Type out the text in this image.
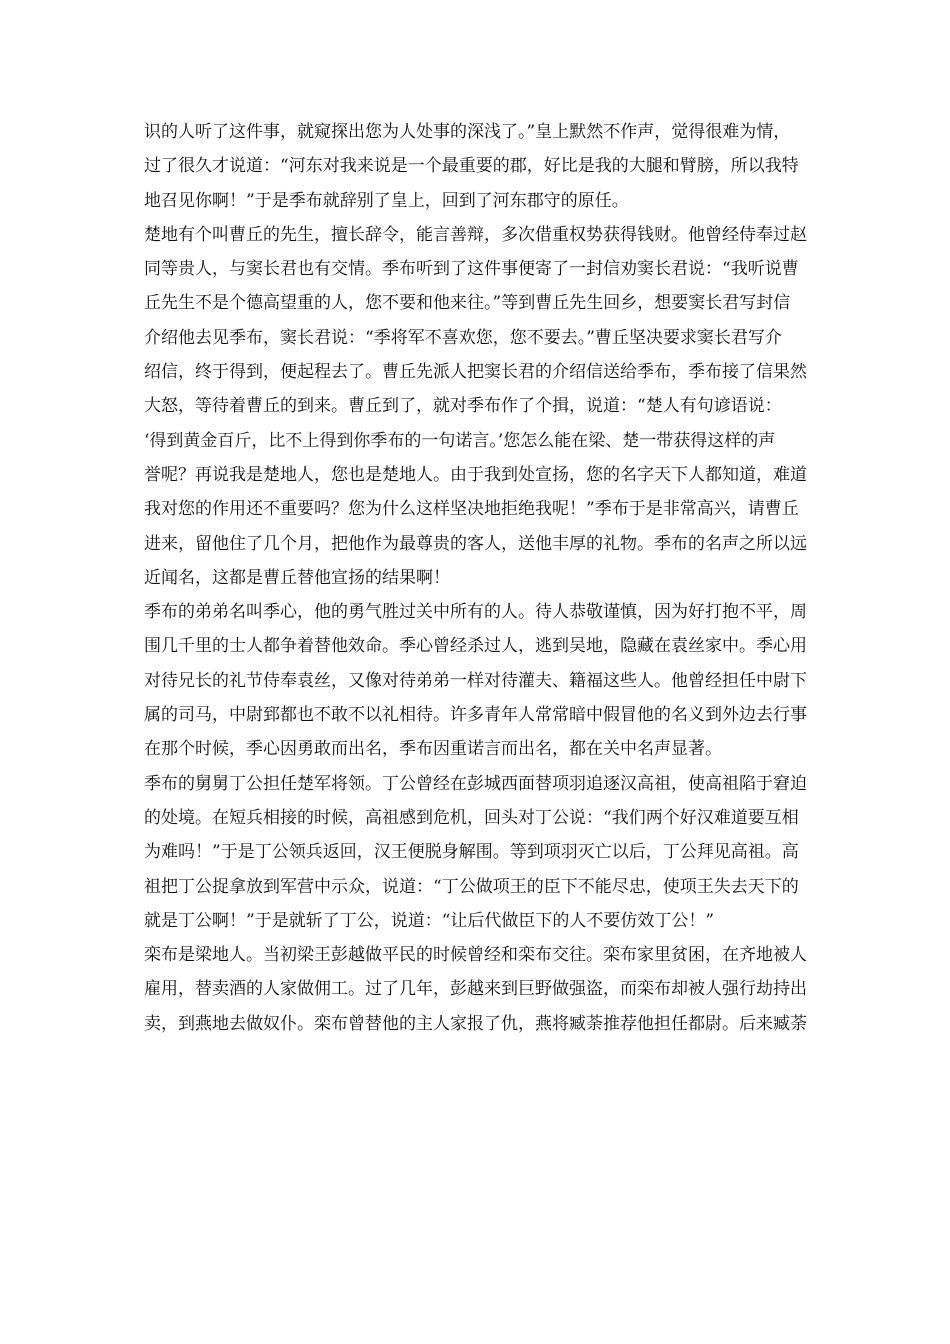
识的人听了这件事，就窥探出您为人处事的深浅了。”皇上默然不作声，觉得很难为情，
过了很久才说道：“河东对我来说是一个最重要的郡，好比是我的大腿和臂膀，所以我特
地召见你啊！”于是季布就辞别了皇上，回到了河东郡守的原任。
楚地有个叫曹丘的先生，擅长辞令，能言善辩，多次借重权势获得钱财。他曾经侍奉过赵
同等贵人，与窦长君也有交情。季布听到了这件事便寄了一封信劝窦长君说：“我听说曹
丘先生不是个德高望重的人，您不要和他来往。”等到曹丘先生回乡，想要窦长君写封信
介绍他去见季布，窦长君说：“季将军不喜欢您，您不要去。”曹丘坚决要求窦长君写介
绍信，终于得到，便起程去了。曹丘先派人把窦长君的介绍信送给季布，季布接了信果然
大怒，等待着曹丘的到来。曹丘到了，就对季布作了个揖，说道：“楚人有句谚语说：
‘得到黄金百斤，比不上得到你季布的一句诺言。’您怎么能在梁、楚一带获得这样的声
誉呢？再说我是楚地人，您也是楚地人。由于我到处宣扬，您的名字天下人都知道，难道
我对您的作用还不重要吗？您为什么这样坚决地拒绝我呢！”季布于是非常高兴，请曹丘
进来，留他住了几个月，把他作为最尊贵的客人，送他丰厚的礼物。季布的名声之所以远
近闻名，这都是曹丘替他宣扬的结果啊！
季布的弟弟名叫季心，他的勇气胜过关中所有的人。待人恭敬谨慎，因为好打抱不平，周
围几千里的士人都争着替他效命。季心曾经杀过人，逃到吴地，隐藏在袁丝家中。季心用
对待兄长的礼节侍奉袁丝，又像对待弟弟一样对待灌夫、籍福这些人。他曾经担任中尉下
属的司马，中尉郅都也不敢不以礼相待。许多青年人常常暗中假冒他的名义到外边去行事
在那个时候，季心因勇敢而出名，季布因重诺言而出名，都在关中名声显著。
季布的舅舅丁公担任楚军将领。丁公曾经在彭城西面替项羽追逐汉高祖，使高祖陷于窘迫
的处境。在短兵相接的时候，高祖感到危机，回头对丁公说：“我们两个好汉难道要互相
为难吗！”于是丁公领兵返回，汉王便脱身解围。等到项羽灭亡以后，丁公拜见高祖。高
祖把丁公捉拿放到军营中示众，说道：“丁公做项王的臣下不能尽忠，使项王失去天下的
就是丁公啊！”于是就斩了丁公，说道：“让后代做臣下的人不要仿效丁公！”
栾布是梁地人。当初梁王彭越做平民的时候曾经和栾布交往。栾布家里贫困，在齐地被人
雇用，替卖酒的人家做佣工。过了几年，彭越来到巨野做强盗，而栾布却被人强行劫持出
卖，到燕地去做奴仆。栾布曾替他的主人家报了仇，燕将臧荼推荐他担任都尉。后来臧荼
